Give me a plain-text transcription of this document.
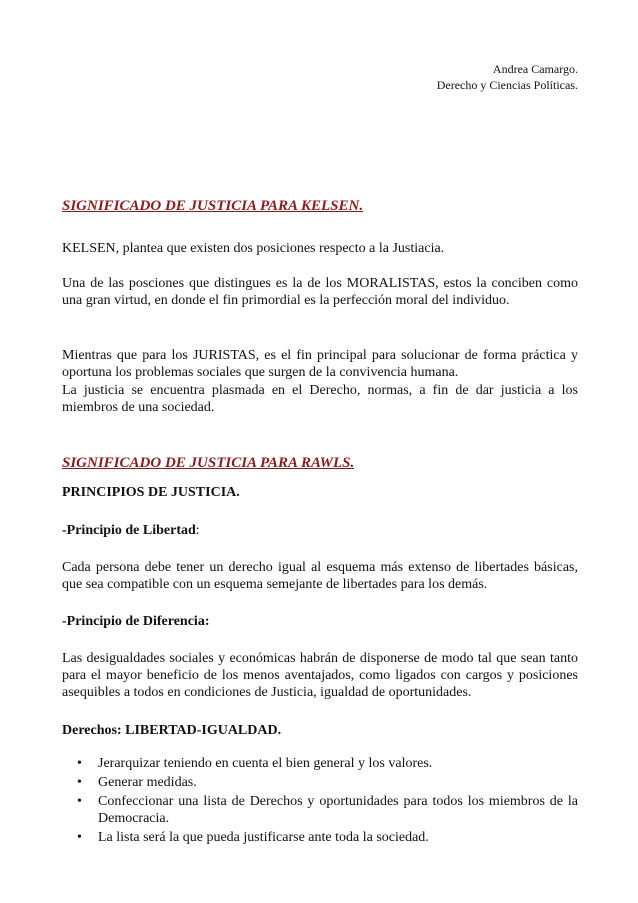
Andrea Camargo.
Derecho y Ciencias Políticas.
SIGNIFICADO DE JUSTICIA PARA KELSEN.
KELSEN, plantea que existen dos posiciones respecto a la Justiacia.
Una de las posciones que distingues es la de los MORALISTAS, estos la conciben como una gran virtud, en donde el fin primordial es la perfección moral del individuo.
Mientras que para los JURISTAS, es el fin principal para solucionar de forma práctica y oportuna los problemas sociales que surgen de la convivencia humana.
La justicia se encuentra plasmada en el Derecho, normas, a fin de dar justicia a los miembros de una sociedad.
SIGNIFICADO DE JUSTICIA PARA RAWLS.
PRINCIPIOS DE JUSTICIA.
-Principio de Libertad:
Cada persona debe tener un derecho igual al esquema más extenso de libertades básicas, que sea compatible con un esquema semejante de libertades para los demás.
-Principio de Diferencia:
Las desigualdades sociales y económicas habrán de disponerse de modo tal que sean tanto para el mayor beneficio de los menos aventajados, como ligados con cargos y posiciones asequibles a todos en condiciones de Justicia, igualdad de oportunidades.
Derechos: LIBERTAD-IGUALDAD.
• Jerarquizar teniendo en cuenta el bien general y los valores.
• Generar medidas.
• Confeccionar una lista de Derechos y oportunidades para todos los miembros de la Democracia.
• La lista será la que pueda justificarse ante toda la sociedad.
